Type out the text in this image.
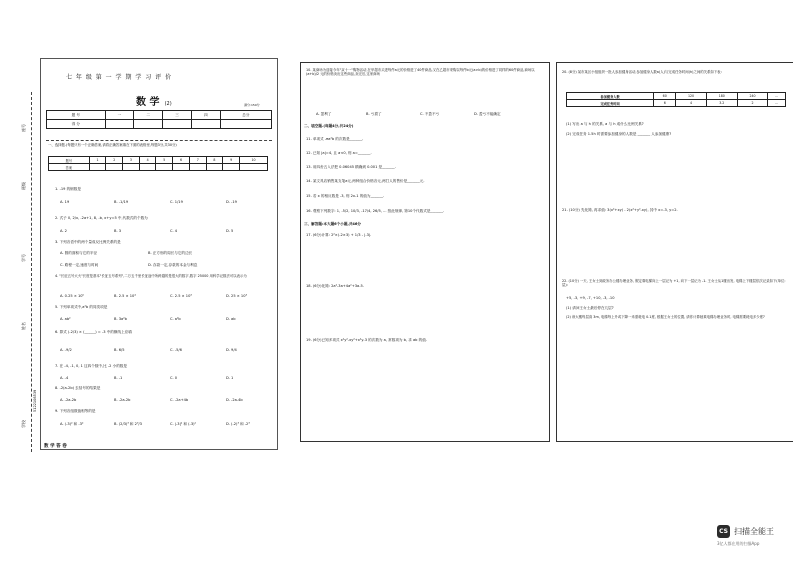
座号
班级
学号
姓名
学校
5122108539
七 年 级 第 一 学 期 学 习 评 价
数 学 (2)	满分:150分
题 号	一	二	三	四	总分
得 分					
一、选择题.(每题只有一个正确答案,请将正确答案填在下面的表格里,每题3分,共30分)
题号	1	2	3	4	5	6	7	8	9	10
答案										
1. -19 的倒数是
A. 19	B. -1/19	C. 1/19	D. -19
2. 式子 0, 2/x, -2a+1, 8, -b, x+y=5 中,代数式的个数为
A. 2	B. 3	C. 4	D. 5
3. 下列各语中的两个量成反比例关系的是
A. 圆的面积与它的半径	B. 正方形的周长与它的边长
C. 路程一定,速度与时间	D. 存款一定,存款的本金与利息
4. "长征五号大火"长度是基本"长征五号系列",二万五千里长征途中所跨越的是很大的数字,数字 25000 用科学记数法可以表示为
A. 0.25 × 10⁵	B. 2.5 × 10⁴	C. 2.5 × 10³	D. 25 × 10³
5. 下列单项式中,a²b 的同类项是
A. ab²	B. 3a²b	C. a²b	D. ab
6. 算式 (-2/3) × (______) = -3 中的横线上应填
A. -9/2	B. 6/5	C. -5/6	D. 9/4
7. 在 -4, -1, 0, 1 这四个数中,比 -2 小的数是
A. -4	B. -1	C. 0	D. 1
8. -2(a-2b) 去括号的结果是
A. -2a-2b	B. -2a-2b	C. -2a+4b	D. -2a-4b
9. 下列各组数值相等的是
A. (-3)² 和 -3²	B. (2/3)³ 和 2³/3	C. |-3|² 和 (-3)²	D. (-2)³ 和 -2³
数 学 答 卷
10. 某商场为迎接今年"双十一"购物活动,在甲超市买进每件a元的价格进了40件商品,又在乙超市采购以每件b元(a>b)的价格进了同样的60件商品,商场以 (a+b)/2 元的价格卖出这些商品,卖完后,这家商场
A. 盈利了	B. 亏损了	C. 不盈不亏	D. 盈亏不能确定
二、填空题.(每题4分,共24分)
11. 单项式 -πa²b 的次数是_______.
12. 已知 |a|=4, 且 a<0, 则 a=_______.
13. 用四舍五入法把 0.06045 精确到 0.001 是_______.
14. 某文具店销售某支笔a元,两种组合价格各元,两打人的售价是_______元.
15. 若 x 的相反数是 -3, 则 2x-1 的值为_______.
16. 观察下列数字: 1, -5/2, 10/3, -17/4, 26/5, ... 按此规律, 第10个代数式是_______.
三、解答题:本大题6个小题,共46分
17. (6分)计算: 2²×(-2×3) + 1/3 - |-3|.
18. (6分)化简: 2a²-3a+4a²+3a-5.
19. (6分)已知多项式 x²y²-xy²+x²y-3 的次数为 a, 常数项为 b, 求 ab 的值.
20. (8分) 某市某区小组组织一批人参加健身活动,参加健身人数a(人)与完成任务时间(h)之间的关系如下表:
参加健身人数	60	120	180	240	...
完成任务时间	6	4	3.2	2	...
(1) 写出 a 与 h 的关系, a 与 h 成什么比例关系?
(2) 完成任务 1.5h 时需要参加健身的人数是 _______ 人参加健康?
21. (10分) 先化简, 再求值: 3(x²+xy) - 2(x²+y²-xy), 其中 x=-3, y=2.
22. (10分) 一天, 王女士到政务办公楼办理业务, 假定乘电梯向上一层记为 +1, 向下一层记为 -1. 王女士从1楼出发, 电梯上下楼层依次记录如下(单位: 层):
+5, -3, +9, -7, +10, -3, -10
(1) 请问王女士最后停在几层?
(2) 该大楼每层高 3m, 电梯每上升或下降一米需耗电 0.1度, 根据王女士的位置, 请你计算她乘电梯办理业务时, 电梯需要耗电多少度?
CS 扫描全能王
3亿人都在用的扫描App
